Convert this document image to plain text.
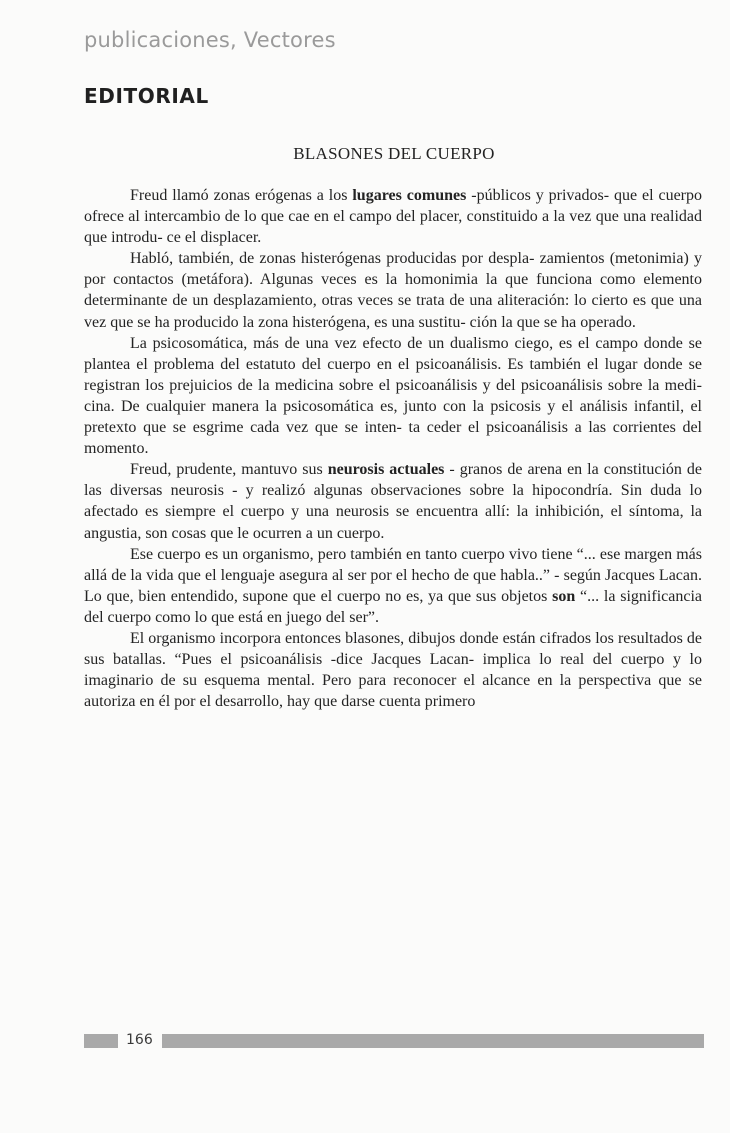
publicaciones, Vectores

EDITORIAL
BLASONES DEL CUERPO

Freud llamó zonas erógenas a los lugares comunes -públicos y privados- que el cuerpo ofrece al intercambio de lo que cae en el campo del placer, constituido a la vez que una realidad que introdu- ce el displacer.

Habló, también, de zonas histerógenas producidas por despla- zamientos (metonimia) y por contactos (metáfora). Algunas veces es la homonimia la que funciona como elemento determinante de un desplazamiento, otras veces se trata de una aliteración: lo cierto es que una vez que se ha producido la zona histerógena, es una sustitu- ción la que se ha operado.

La psicosomática, más de una vez efecto de un dualismo ciego, es el campo donde se plantea el problema del estatuto del cuerpo en el psicoanálisis. Es también el lugar donde se registran los prejuicios de la medicina sobre el psicoanálisis y del psicoanálisis sobre la medi- cina. De cualquier manera la psicosomática es, junto con la psicosis y el análisis infantil, el pretexto que se esgrime cada vez que se inten- ta ceder el psicoanálisis a las corrientes del momento.

Freud, prudente, mantuvo sus neurosis actuales - granos de arena en la constitución de las diversas neurosis - y realizó algunas observaciones sobre la hipocondría. Sin duda lo afectado es siempre el cuerpo y una neurosis se encuentra allí: la inhibición, el síntoma, la angustia, son cosas que le ocurren a un cuerpo.

Ese cuerpo es un organismo, pero también en tanto cuerpo vivo tiene “... ese margen más allá de la vida que el lenguaje asegura al ser por el hecho de que habla..” - según Jacques Lacan. Lo que, bien entendido, supone que el cuerpo no es, ya que sus objetos son “... la significancia del cuerpo como lo que está en juego del ser”.

El organismo incorpora entonces blasones, dibujos donde están cifrados los resultados de sus batallas. “Pues el psicoanálisis -dice Jacques Lacan- implica lo real del cuerpo y lo imaginario de su esquema mental. Pero para reconocer el alcance en la perspectiva que se autoriza en él por el desarrollo, hay que darse cuenta primero

166
